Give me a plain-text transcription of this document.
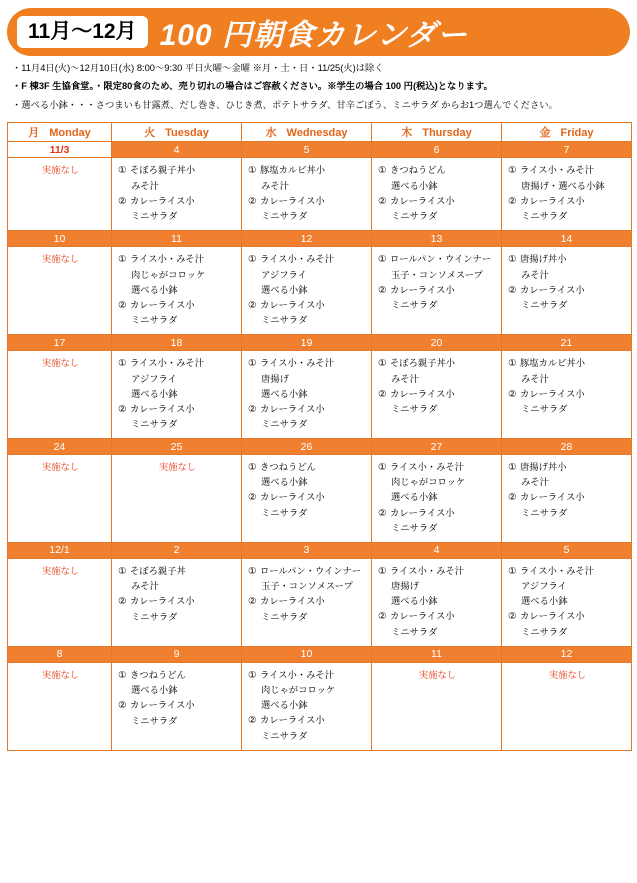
11月～12月 100 円朝食カレンダー

・11月4日(火)～12月10日(水) 8:00～9:30 平日火曜～金曜 ※月・土・日・11/25(火)は除く

・F 棟3F 生協食堂。・限定80食のため、売り切れの場合はご容赦ください。※学生の場合 100 円(税込)となります。

・選べる小鉢・・・さつまいも甘露煮、だし巻き、ひじき煮、ポテトサラダ、甘辛ごぼう、ミニサラダ からお1つ選んでください。

月 Monday	火 Tuesday	水 Wednesday	木 Thursday	金 Friday
11/3	4	5	6	7
実施なし	① そぼろ親子丼小
みそ汁
② カレーライス小
ミニサラダ	① 豚塩カルビ丼小
みそ汁
② カレーライス小
ミニサラダ	① きつねうどん
選べる小鉢
② カレーライス小
ミニサラダ	① ライス小・みそ汁
唐揚げ・選べる小鉢
② カレーライス小
ミニサラダ

10	11	12	13	14
実施なし	① ライス小・みそ汁
肉じゃがコロッケ
選べる小鉢
② カレーライス小
ミニサラダ	① ライス小・みそ汁
アジフライ
選べる小鉢
② カレーライス小
ミニサラダ	① ロールパン・ウインナー
玉子・コンソメスープ
② カレーライス小
ミニサラダ	① 唐揚げ丼小
みそ汁
② カレーライス小
ミニサラダ

17	18	19	20	21
実施なし	① ライス小・みそ汁
アジフライ
選べる小鉢
② カレーライス小
ミニサラダ	① ライス小・みそ汁
唐揚げ
選べる小鉢
② カレーライス小
ミニサラダ	① そぼろ親子丼小
みそ汁
② カレーライス小
ミニサラダ	① 豚塩カルビ丼小
みそ汁
② カレーライス小
ミニサラダ

24	25	26	27	28
実施なし	実施なし	① きつねうどん
選べる小鉢
② カレーライス小
ミニサラダ	① ライス小・みそ汁
肉じゃがコロッケ
選べる小鉢
② カレーライス小
ミニサラダ	① 唐揚げ丼小
みそ汁
② カレーライス小
ミニサラダ

12/1	2	3	4	5
実施なし	① そぼろ親子丼
みそ汁
② カレーライス小
ミニサラダ	① ロールパン・ウインナー
玉子・コンソメスープ
② カレーライス小
ミニサラダ	① ライス小・みそ汁
唐揚げ
選べる小鉢
② カレーライス小
ミニサラダ	① ライス小・みそ汁
アジフライ
選べる小鉢
② カレーライス小
ミニサラダ

8	9	10	11	12
実施なし	① きつねうどん
選べる小鉢
② カレーライス小
ミニサラダ	① ライス小・みそ汁
肉じゃがコロッケ
選べる小鉢
② カレーライス小
ミニサラダ	実施なし	実施なし
